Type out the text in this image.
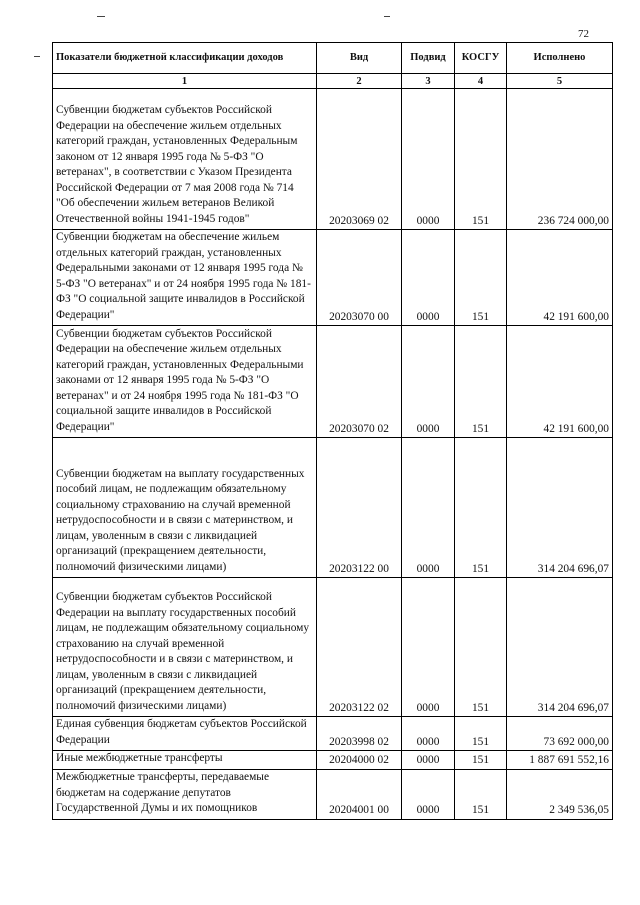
72
Показатели бюджетной классификации доходов	Вид	Подвид	КОСГУ	Исполнено
1	2	3	4	5
Субвенции бюджетам субъектов Российской Федерации на обеспечение жильем отдельных категорий граждан, установленных Федеральным законом от 12 января 1995 года № 5-ФЗ "О ветеранах", в соответствии с Указом Президента Российской Федерации от 7 мая 2008 года № 714 "Об обеспечении жильем ветеранов Великой Отечественной войны 1941-1945 годов"	20203069 02	0000	151	236 724 000,00
Субвенции бюджетам на обеспечение жильем отдельных категорий граждан, установленных Федеральными законами от 12 января 1995 года № 5-ФЗ "О ветеранах" и от 24 ноября 1995 года № 181-ФЗ "О социальной защите инвалидов в Российской Федерации"	20203070 00	0000	151	42 191 600,00
Субвенции бюджетам субъектов Российской Федерации на обеспечение жильем отдельных категорий граждан, установленных Федеральными законами от 12 января 1995 года № 5-ФЗ "О ветеранах" и от 24 ноября 1995 года № 181-ФЗ "О социальной защите инвалидов в Российской Федерации"	20203070 02	0000	151	42 191 600,00
Субвенции бюджетам на выплату государственных пособий лицам, не подлежащим обязательному социальному страхованию на случай временной нетрудоспособности и в связи с материнством, и лицам, уволенным в связи с ликвидацией организаций (прекращением деятельности, полномочий физическими лицами)	20203122 00	0000	151	314 204 696,07
Субвенции бюджетам субъектов Российской Федерации на выплату государственных пособий лицам, не подлежащим обязательному социальному страхованию на случай временной нетрудоспособности и в связи с материнством, и лицам, уволенным в связи с ликвидацией организаций (прекращением деятельности, полномочий физическими лицами)	20203122 02	0000	151	314 204 696,07
Единая субвенция бюджетам субъектов Российской Федерации	20203998 02	0000	151	73 692 000,00
Иные межбюджетные трансферты	20204000 02	0000	151	1 887 691 552,16
Межбюджетные трансферты, передаваемые бюджетам на содержание депутатов Государственной Думы и их помощников	20204001 00	0000	151	2 349 536,05
